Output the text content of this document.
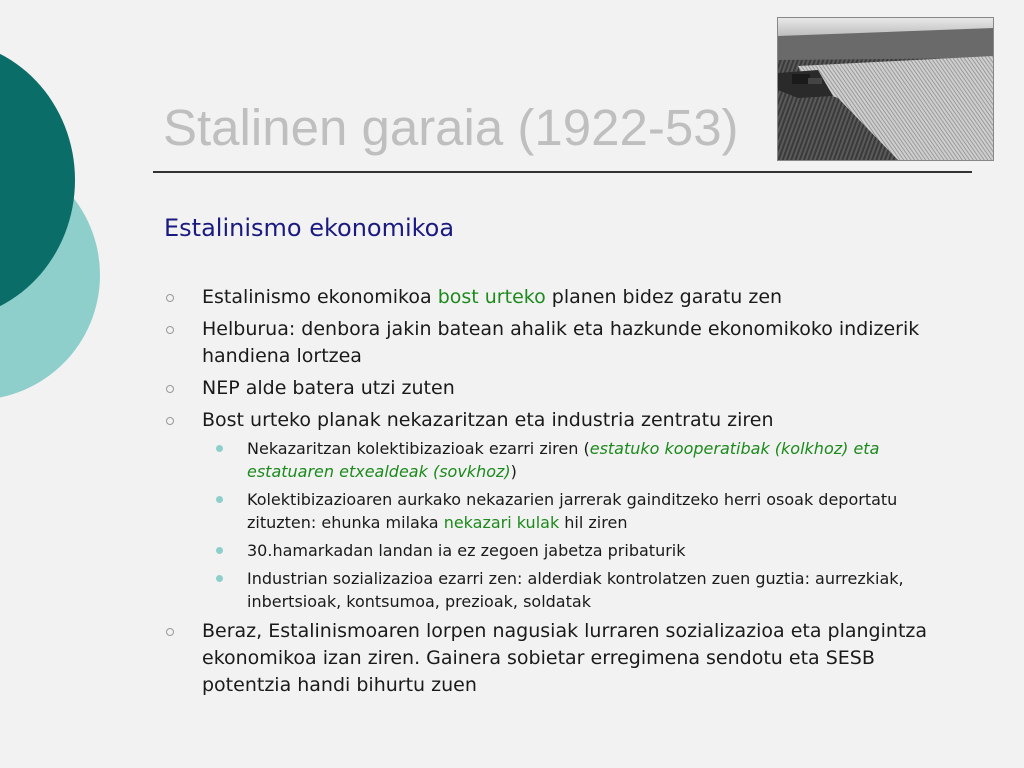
Stalinen garaia (1922-53)
Estalinismo ekonomikoa
Estalinismo ekonomikoa bost urteko planen bidez garatu zen
Helburua: denbora jakin batean ahalik eta hazkunde ekonomikoko indizerik handiena lortzea
NEP alde batera utzi zuten
Bost urteko planak nekazaritzan eta industria zentratu ziren
Nekazaritzan kolektibizazioak ezarri ziren (estatuko kooperatibak (kolkhoz) eta estatuaren etxealdeak (sovkhoz))
Kolektibizazioaren aurkako nekazarien jarrerak gainditzeko herri osoak deportatu zituzten: ehunka milaka nekazari kulak hil ziren
30.hamarkadan landan ia ez zegoen jabetza pribaturik
Industrian sozializazioa ezarri zen: alderdiak kontrolatzen zuen guztia: aurrezkiak, inbertsioak, kontsumoa, prezioak, soldatak
Beraz, Estalinismoaren lorpen nagusiak lurraren sozializazioa eta plangintza ekonomikoa izan ziren. Gainera sobietar erregimena sendotu eta SESB potentzia handi bihurtu zuen
